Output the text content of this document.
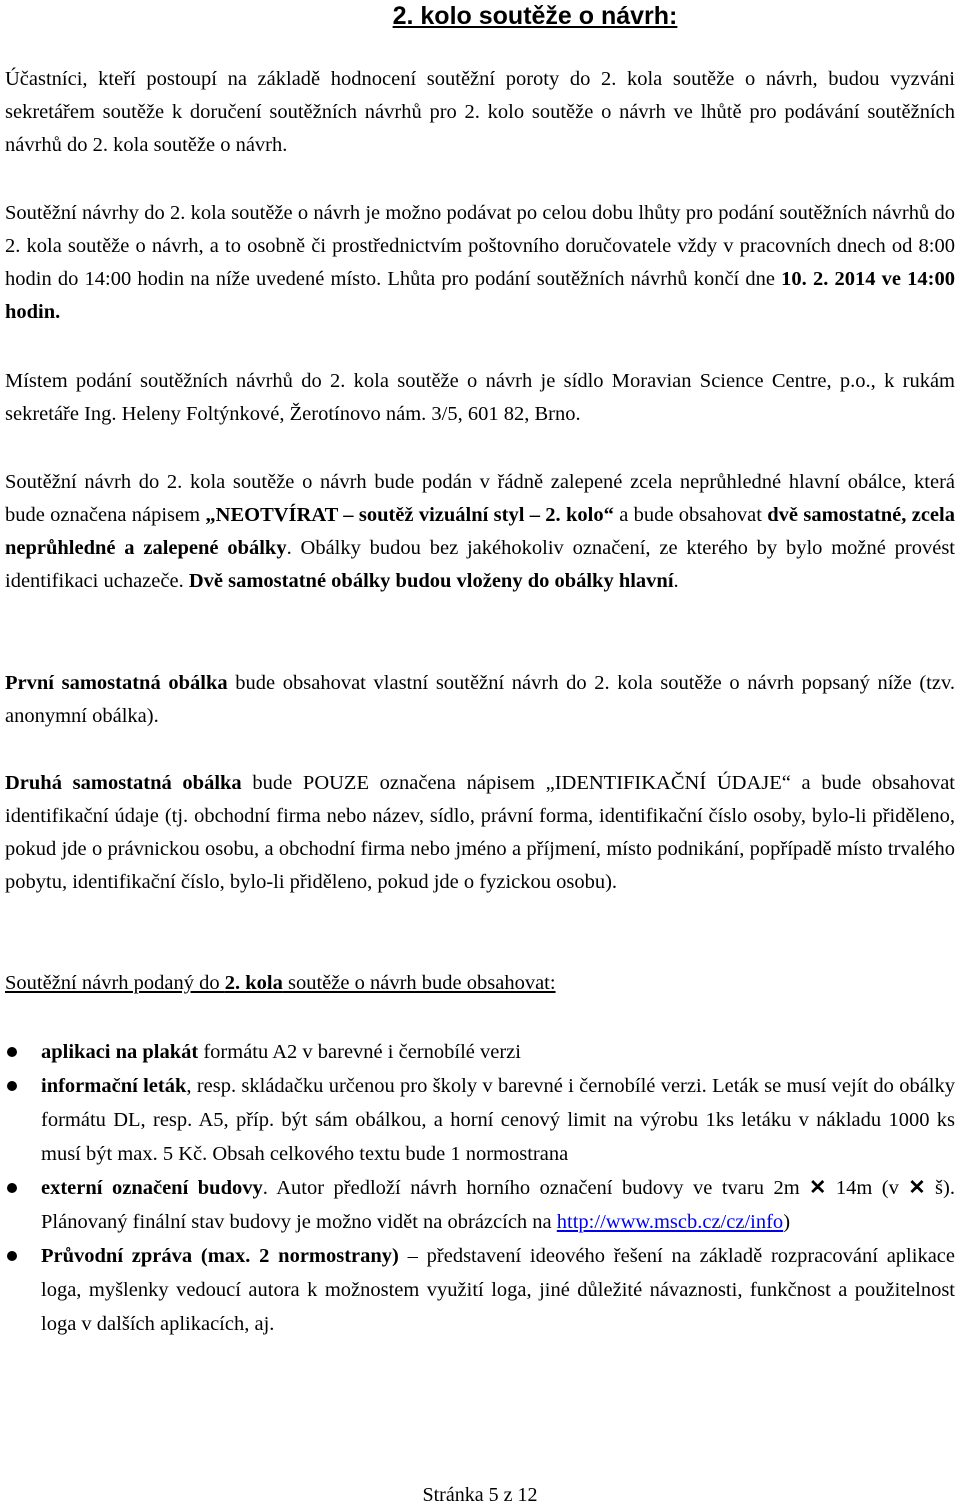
2. kolo soutěže o návrh:

Účastníci, kteří postoupí na základě hodnocení soutěžní poroty do 2. kola soutěže o návrh, budou vyzváni sekretářem soutěže k doručení soutěžních návrhů pro 2. kolo soutěže o návrh ve lhůtě pro podávání soutěžních návrhů do 2. kola soutěže o návrh.

Soutěžní návrhy do 2. kola soutěže o návrh je možno podávat po celou dobu lhůty pro podání soutěžních návrhů do 2. kola soutěže o návrh, a to osobně či prostřednictvím poštovního doručovatele vždy v pracovních dnech od 8:00 hodin do 14:00 hodin na níže uvedené místo. Lhůta pro podání soutěžních návrhů končí dne 10. 2. 2014 ve 14:00 hodin.

Místem podání soutěžních návrhů do 2. kola soutěže o návrh je sídlo Moravian Science Centre, p.o., k rukám sekretáře Ing. Heleny Foltýnkové, Žerotínovo nám. 3/5, 601 82, Brno.

Soutěžní návrh do 2. kola soutěže o návrh bude podán v řádně zalepené zcela neprůhledné hlavní obálce, která bude označena nápisem „NEOTVÍRAT – soutěž vizuální styl – 2. kolo“ a bude obsahovat dvě samostatné, zcela neprůhledné a zalepené obálky. Obálky budou bez jakéhokoliv označení, ze kterého by bylo možné provést identifikaci uchazeče. Dvě samostatné obálky budou vloženy do obálky hlavní.

První samostatná obálka bude obsahovat vlastní soutěžní návrh do 2. kola soutěže o návrh popsaný níže (tzv. anonymní obálka).

Druhá samostatná obálka bude POUZE označena nápisem „IDENTIFIKAČNÍ ÚDAJE“ a bude obsahovat identifikační údaje (tj. obchodní firma nebo název, sídlo, právní forma, identifikační číslo osoby, bylo-li přiděleno, pokud jde o právnickou osobu, a obchodní firma nebo jméno a příjmení, místo podnikání, popřípadě místo trvalého pobytu, identifikační číslo, bylo-li přiděleno, pokud jde o fyzickou osobu).

Soutěžní návrh podaný do 2. kola soutěže o návrh bude obsahovat:

aplikaci na plakát formátu A2 v barevné i černobílé verzi
informační leták, resp. skládačku určenou pro školy v barevné i černobílé verzi. Leták se musí vejít do obálky formátu DL, resp. A5, příp. být sám obálkou, a horní cenový limit na výrobu 1ks letáku v nákladu 1000 ks musí být max. 5 Kč. Obsah celkového textu bude 1 normostrana
externí označení budovy. Autor předloží návrh horního označení budovy ve tvaru 2m ✕ 14m (v ✕ š). Plánovaný finální stav budovy je možno vidět na obrázcích na http://www.mscb.cz/cz/info)
Průvodní zpráva (max. 2 normostrany) – představení ideového řešení na základě rozpracování aplikace loga, myšlenky vedoucí autora k možnostem využití loga, jiné důležité návaznosti, funkčnost a použitelnost loga v dalších aplikacích, aj.
Stránka 5 z 12
